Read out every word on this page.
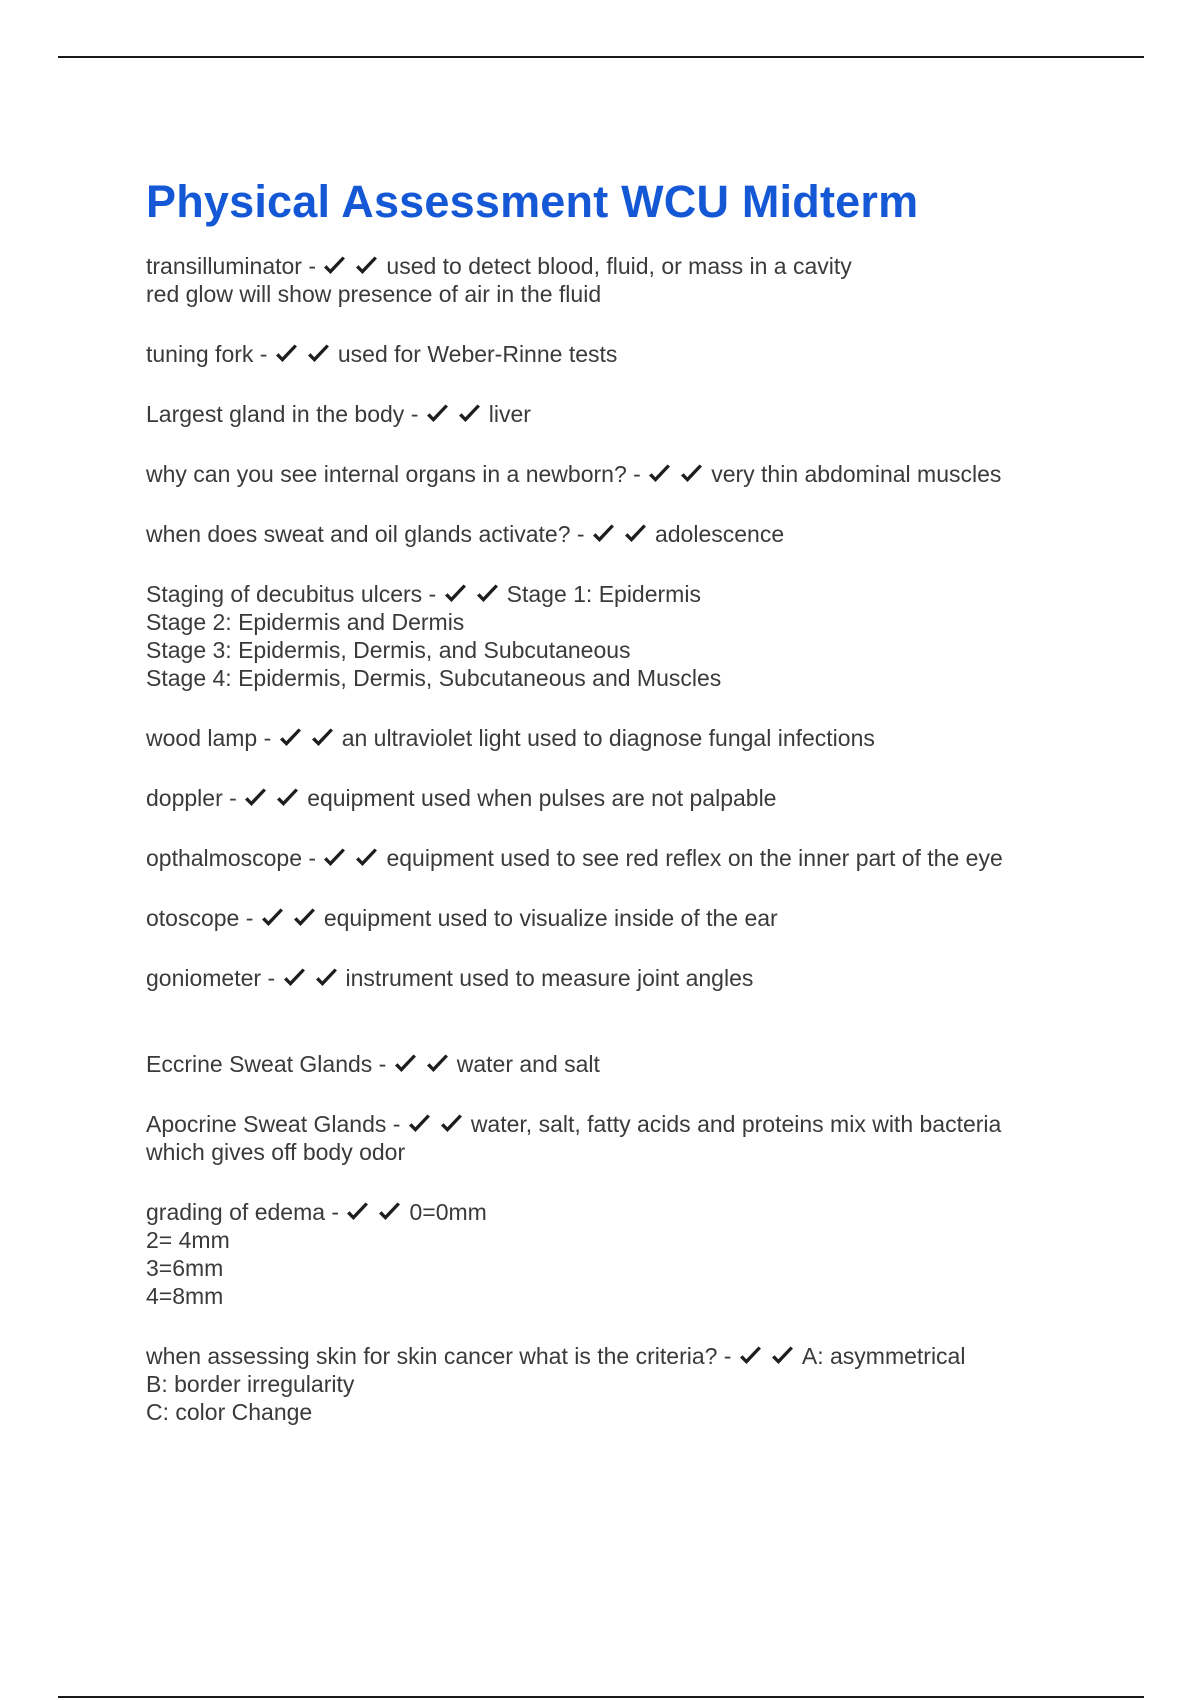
Physical Assessment WCU Midterm
transilluminator -	used to detect blood, fluid, or mass in a cavity
red glow will show presence of air in the fluid
tuning fork -	used for Weber-Rinne tests
Largest gland in the body -	liver
why can you see internal organs in a newborn? -	very thin abdominal muscles
when does sweat and oil glands activate? -	adolescence
Staging of decubitus ulcers -	Stage 1: Epidermis
Stage 2: Epidermis and Dermis
Stage 3: Epidermis, Dermis, and Subcutaneous
Stage 4: Epidermis, Dermis, Subcutaneous and Muscles
wood lamp -	an ultraviolet light used to diagnose fungal infections
doppler -	equipment used when pulses are not palpable
opthalmoscope -	equipment used to see red reflex on the inner part of the eye
otoscope -	equipment used to visualize inside of the ear
goniometer -	instrument used to measure joint angles
Eccrine Sweat Glands -	water and salt
Apocrine Sweat Glands -	water, salt, fatty acids and proteins mix with bacteria
which gives off body odor
grading of edema -	0=0mm
2= 4mm
3=6mm
4=8mm
when assessing skin for skin cancer what is the criteria? -	A: asymmetrical
B: border irregularity
C: color Change
